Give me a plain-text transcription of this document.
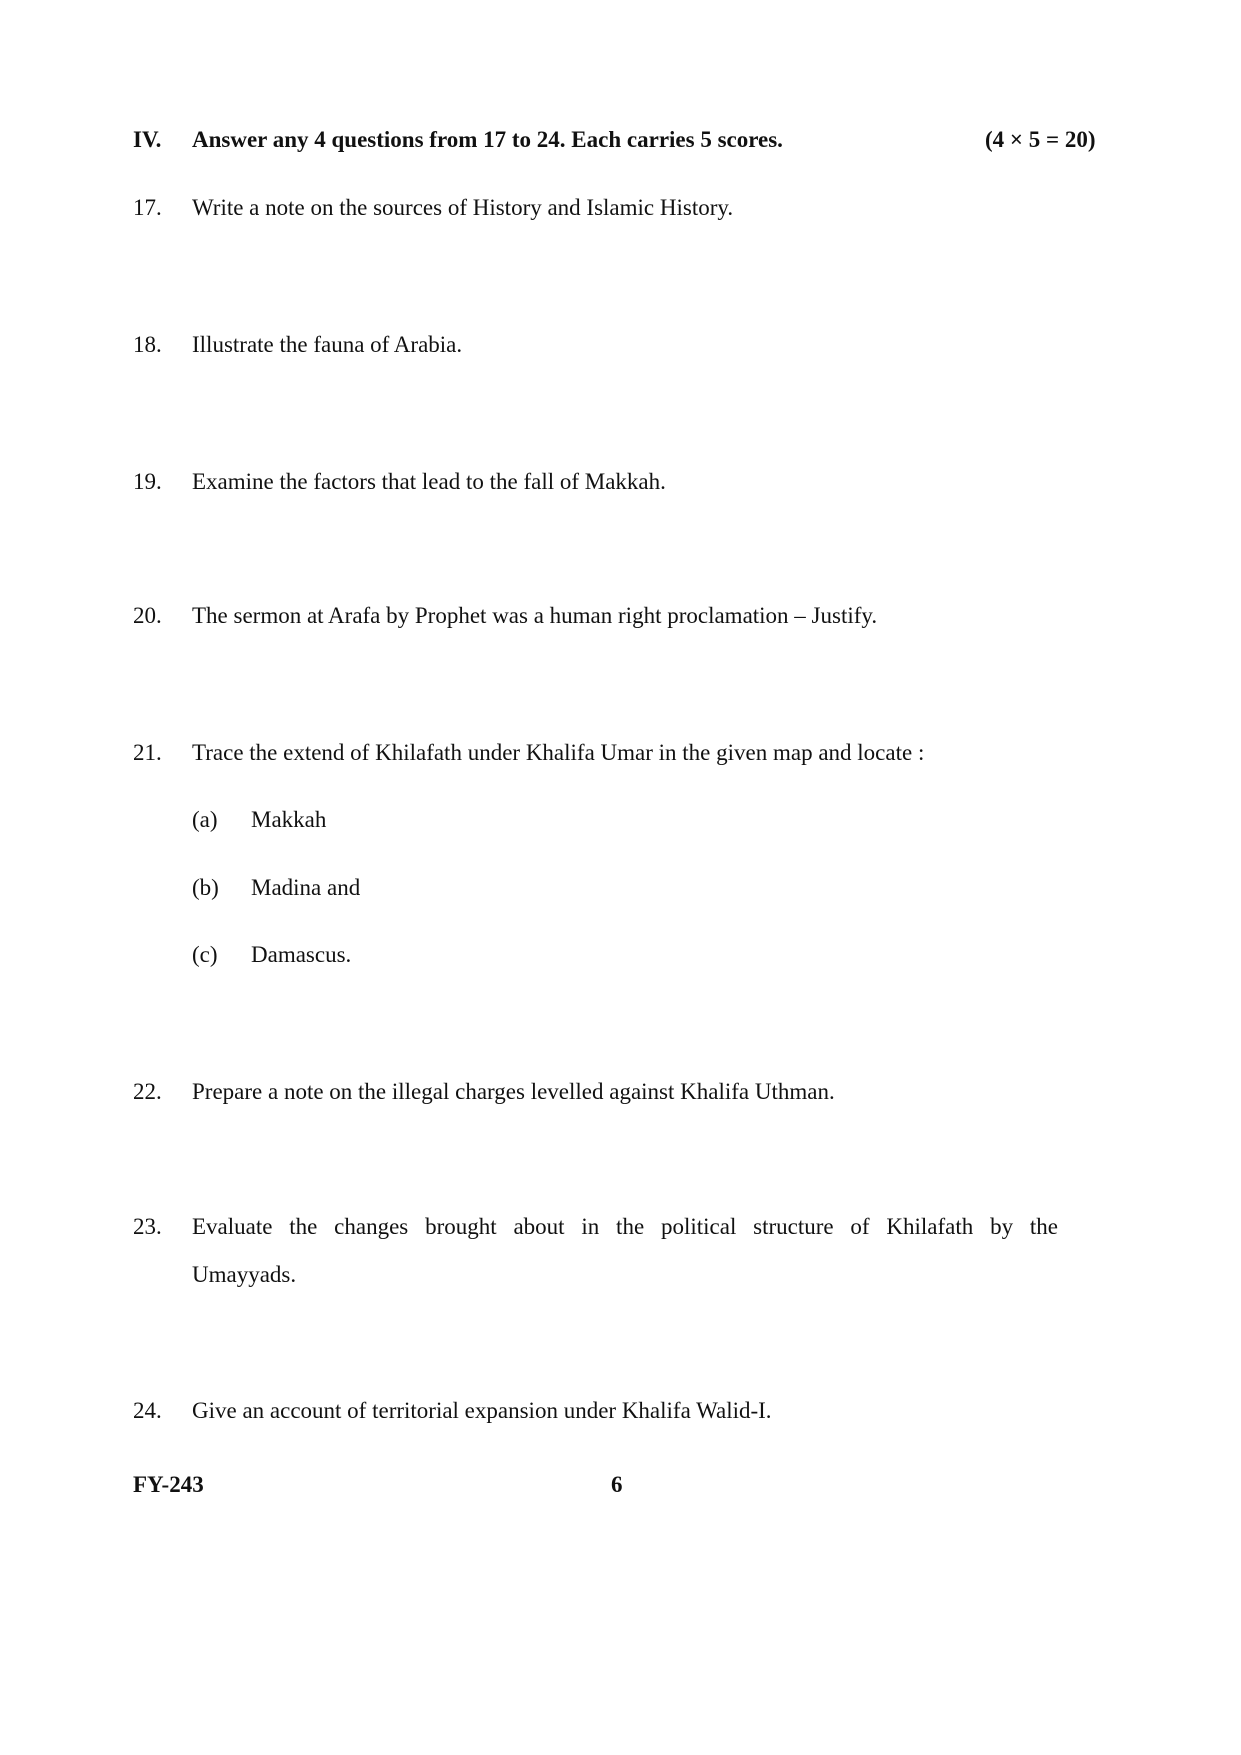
IV. Answer any 4 questions from 17 to 24. Each carries 5 scores.	(4 × 5 = 20)
17. Write a note on the sources of History and Islamic History.
18. Illustrate the fauna of Arabia.
19. Examine the factors that lead to the fall of Makkah.
20. The sermon at Arafa by Prophet was a human right proclamation – Justify.
21. Trace the extend of Khilafath under Khalifa Umar in the given map and locate :
(a) Makkah
(b) Madina and
(c) Damascus.
22. Prepare a note on the illegal charges levelled against Khalifa Uthman.
23. Evaluate the changes brought about in the political structure of Khilafath by the
Umayyads.
24. Give an account of territorial expansion under Khalifa Walid-I.
FY-243	6
